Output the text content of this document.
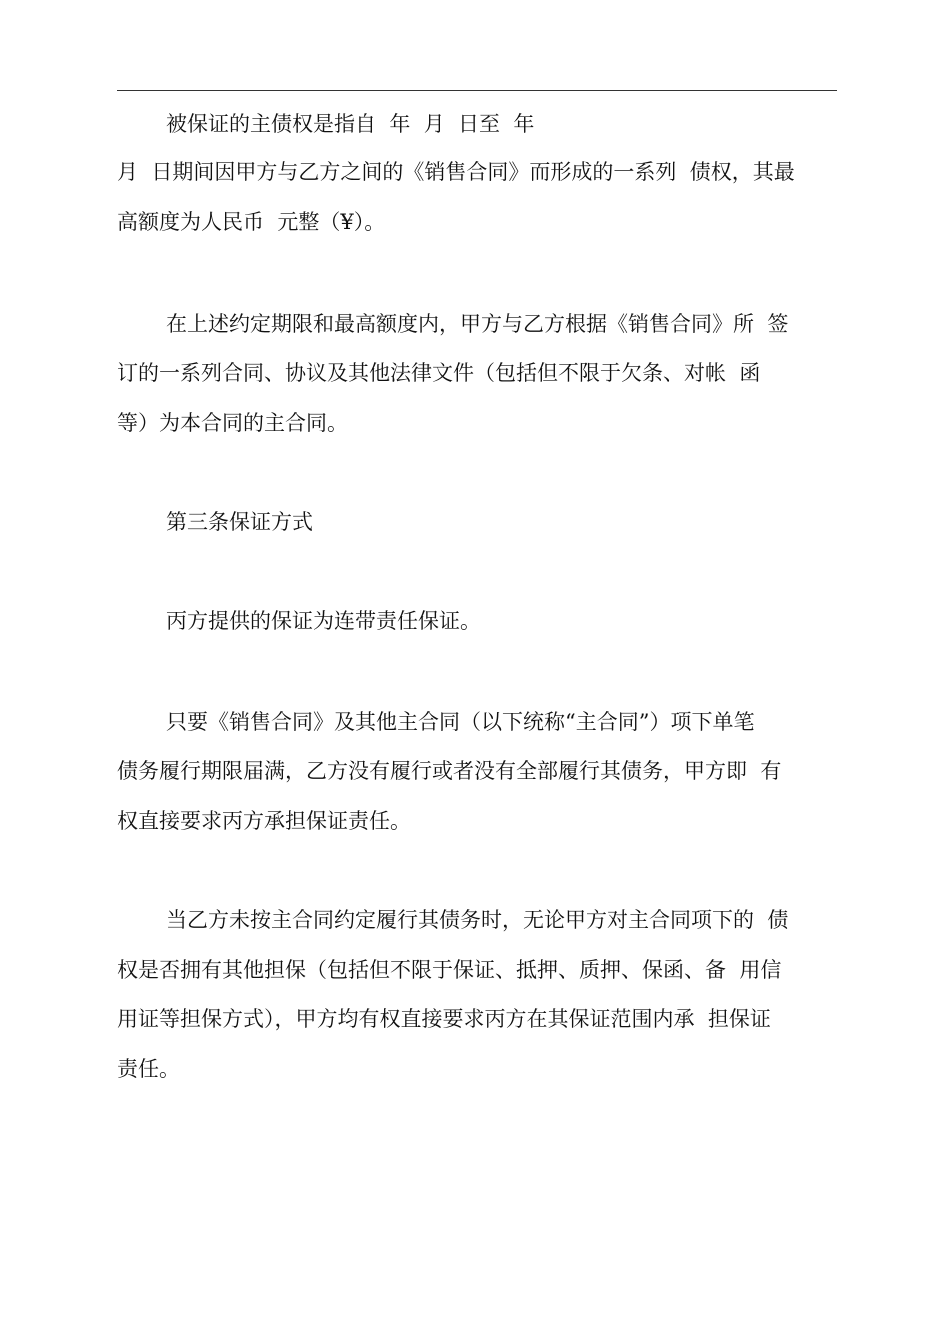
被保证的主债权是指自  年  月  日至  年
月  日期间因甲方与乙方之间的《销售合同》而形成的一系列  债权，其最
高额度为人民币  元整（¥）。
在上述约定期限和最高额度内，甲方与乙方根据《销售合同》所  签
订的一系列合同、协议及其他法律文件（包括但不限于欠条、对帐  函
等）为本合同的主合同。
第三条保证方式
丙方提供的保证为连带责任保证。
只要《销售合同》及其他主合同（以下统称“主合同”）项下单笔
债务履行期限届满，乙方没有履行或者没有全部履行其债务，甲方即  有
权直接要求丙方承担保证责任。
当乙方未按主合同约定履行其债务时，无论甲方对主合同项下的  债
权是否拥有其他担保（包括但不限于保证、抵押、质押、保函、备  用信
用证等担保方式），甲方均有权直接要求丙方在其保证范围内承  担保证
责任。
